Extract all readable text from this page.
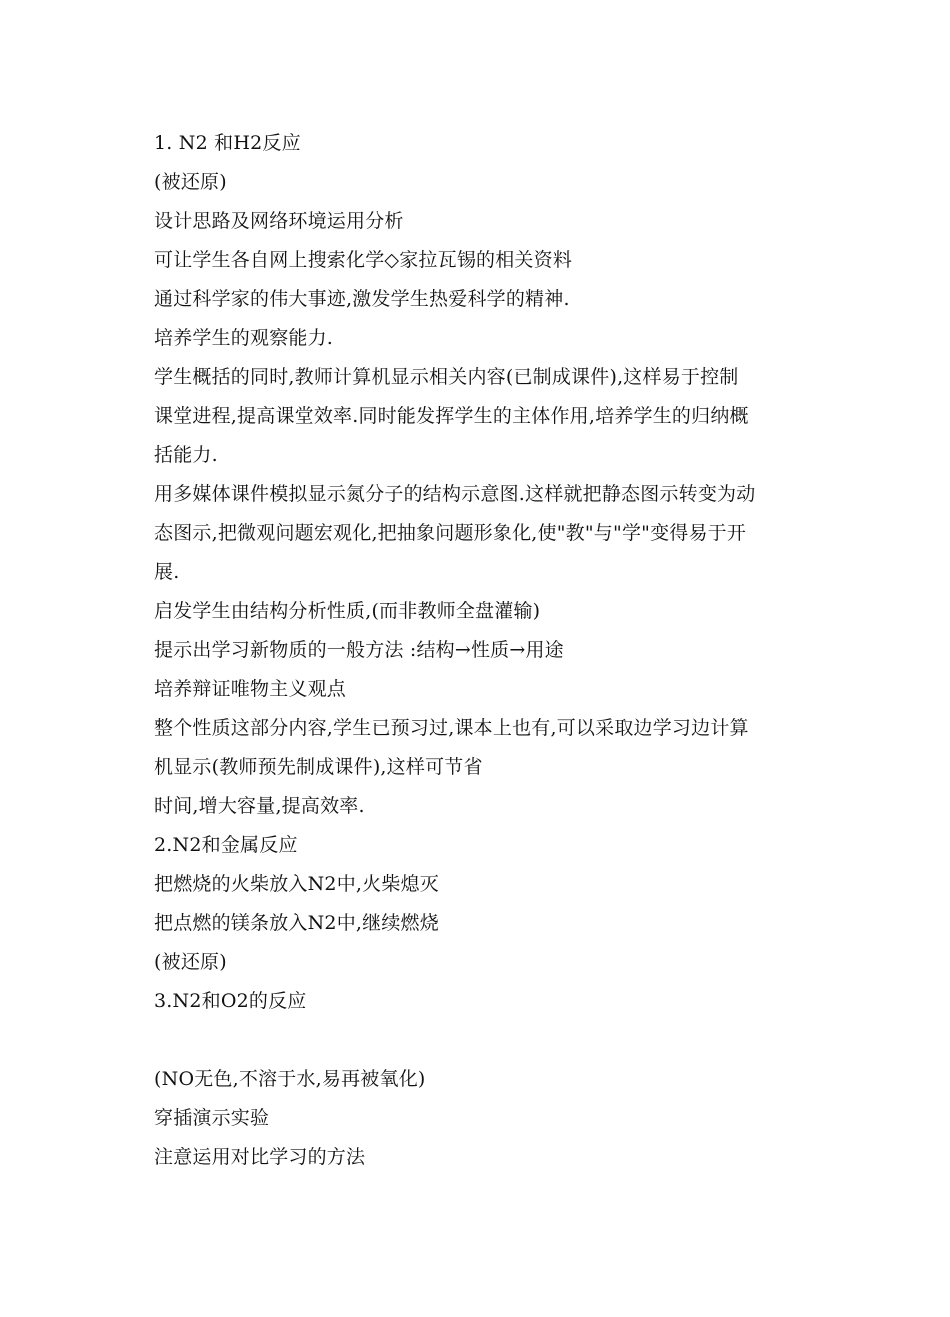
1. N2 和H2反应
(被还原)
设计思路及网络环境运用分析
可让学生各自网上搜索化学◇家拉瓦锡的相关资料
通过科学家的伟大事迹,激发学生热爱科学的精神.
培养学生的观察能力.
学生概括的同时,教师计算机显示相关内容(已制成课件),这样易于控制
课堂进程,提高课堂效率.同时能发挥学生的主体作用,培养学生的归纳概
括能力.
用多媒体课件模拟显示氮分子的结构示意图.这样就把静态图示转变为动
态图示,把微观问题宏观化,把抽象问题形象化,使"教"与"学"变得易于开
展.
启发学生由结构分析性质,(而非教师全盘灌输)
提示出学习新物质的一般方法 :结构→性质→用途
培养辩证唯物主义观点
整个性质这部分内容,学生已预习过,课本上也有,可以采取边学习边计算
机显示(教师预先制成课件),这样可节省
时间,增大容量,提高效率.
2.N2和金属反应
把燃烧的火柴放入N2中,火柴熄灭
把点燃的镁条放入N2中,继续燃烧
(被还原)
3.N2和O2的反应
(NO无色,不溶于水,易再被氧化)
穿插演示实验
注意运用对比学习的方法
